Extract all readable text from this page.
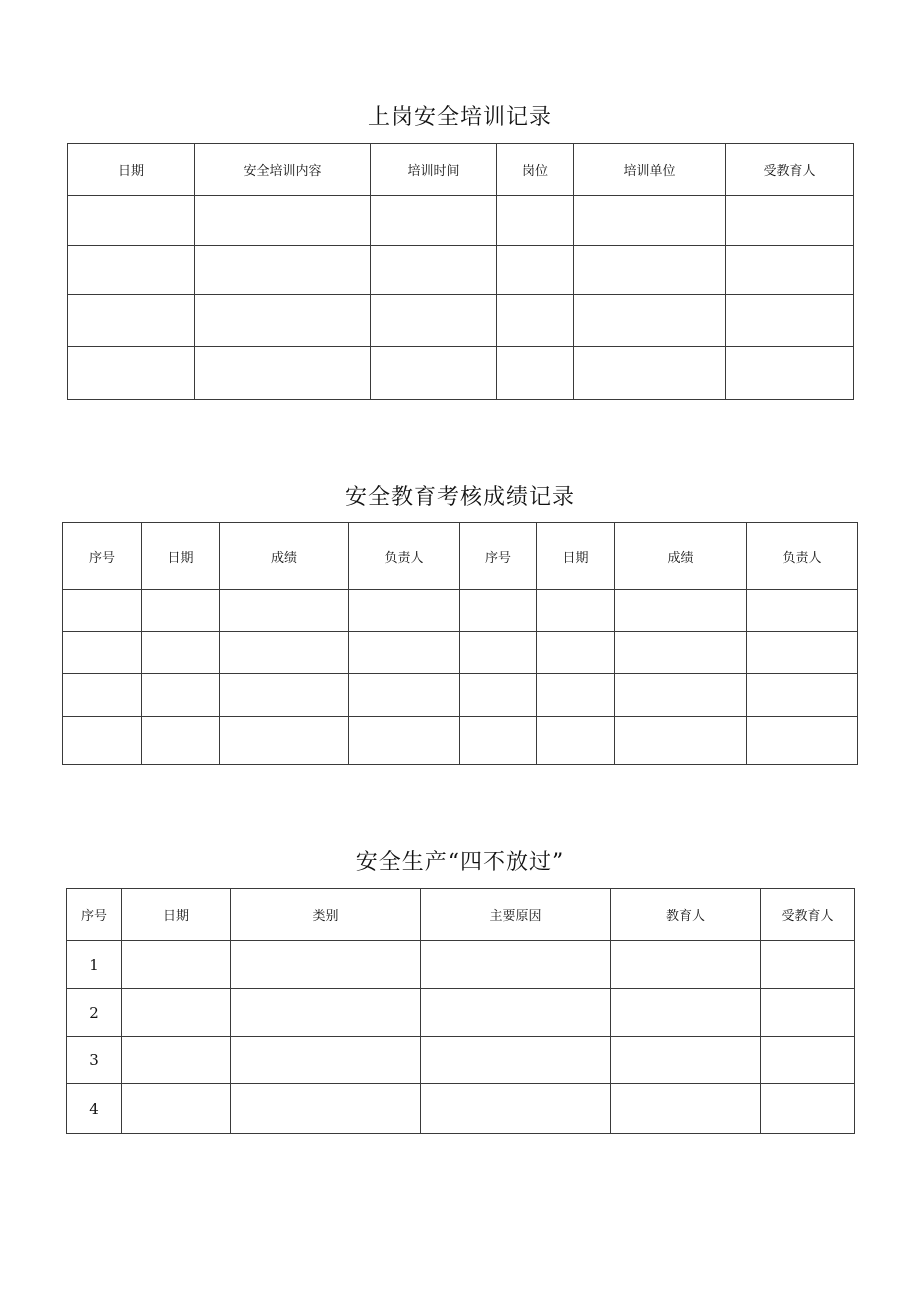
上岗安全培训记录
日期	安全培训内容	培训时间	岗位	培训单位	受教育人

安全教育考核成绩记录
序号	日期	成绩	负责人	序号	日期	成绩	负责人

安全生产“四不放过”
序号	日期	类别	主要原因	教育人	受教育人
1					
2					
3					
4					
